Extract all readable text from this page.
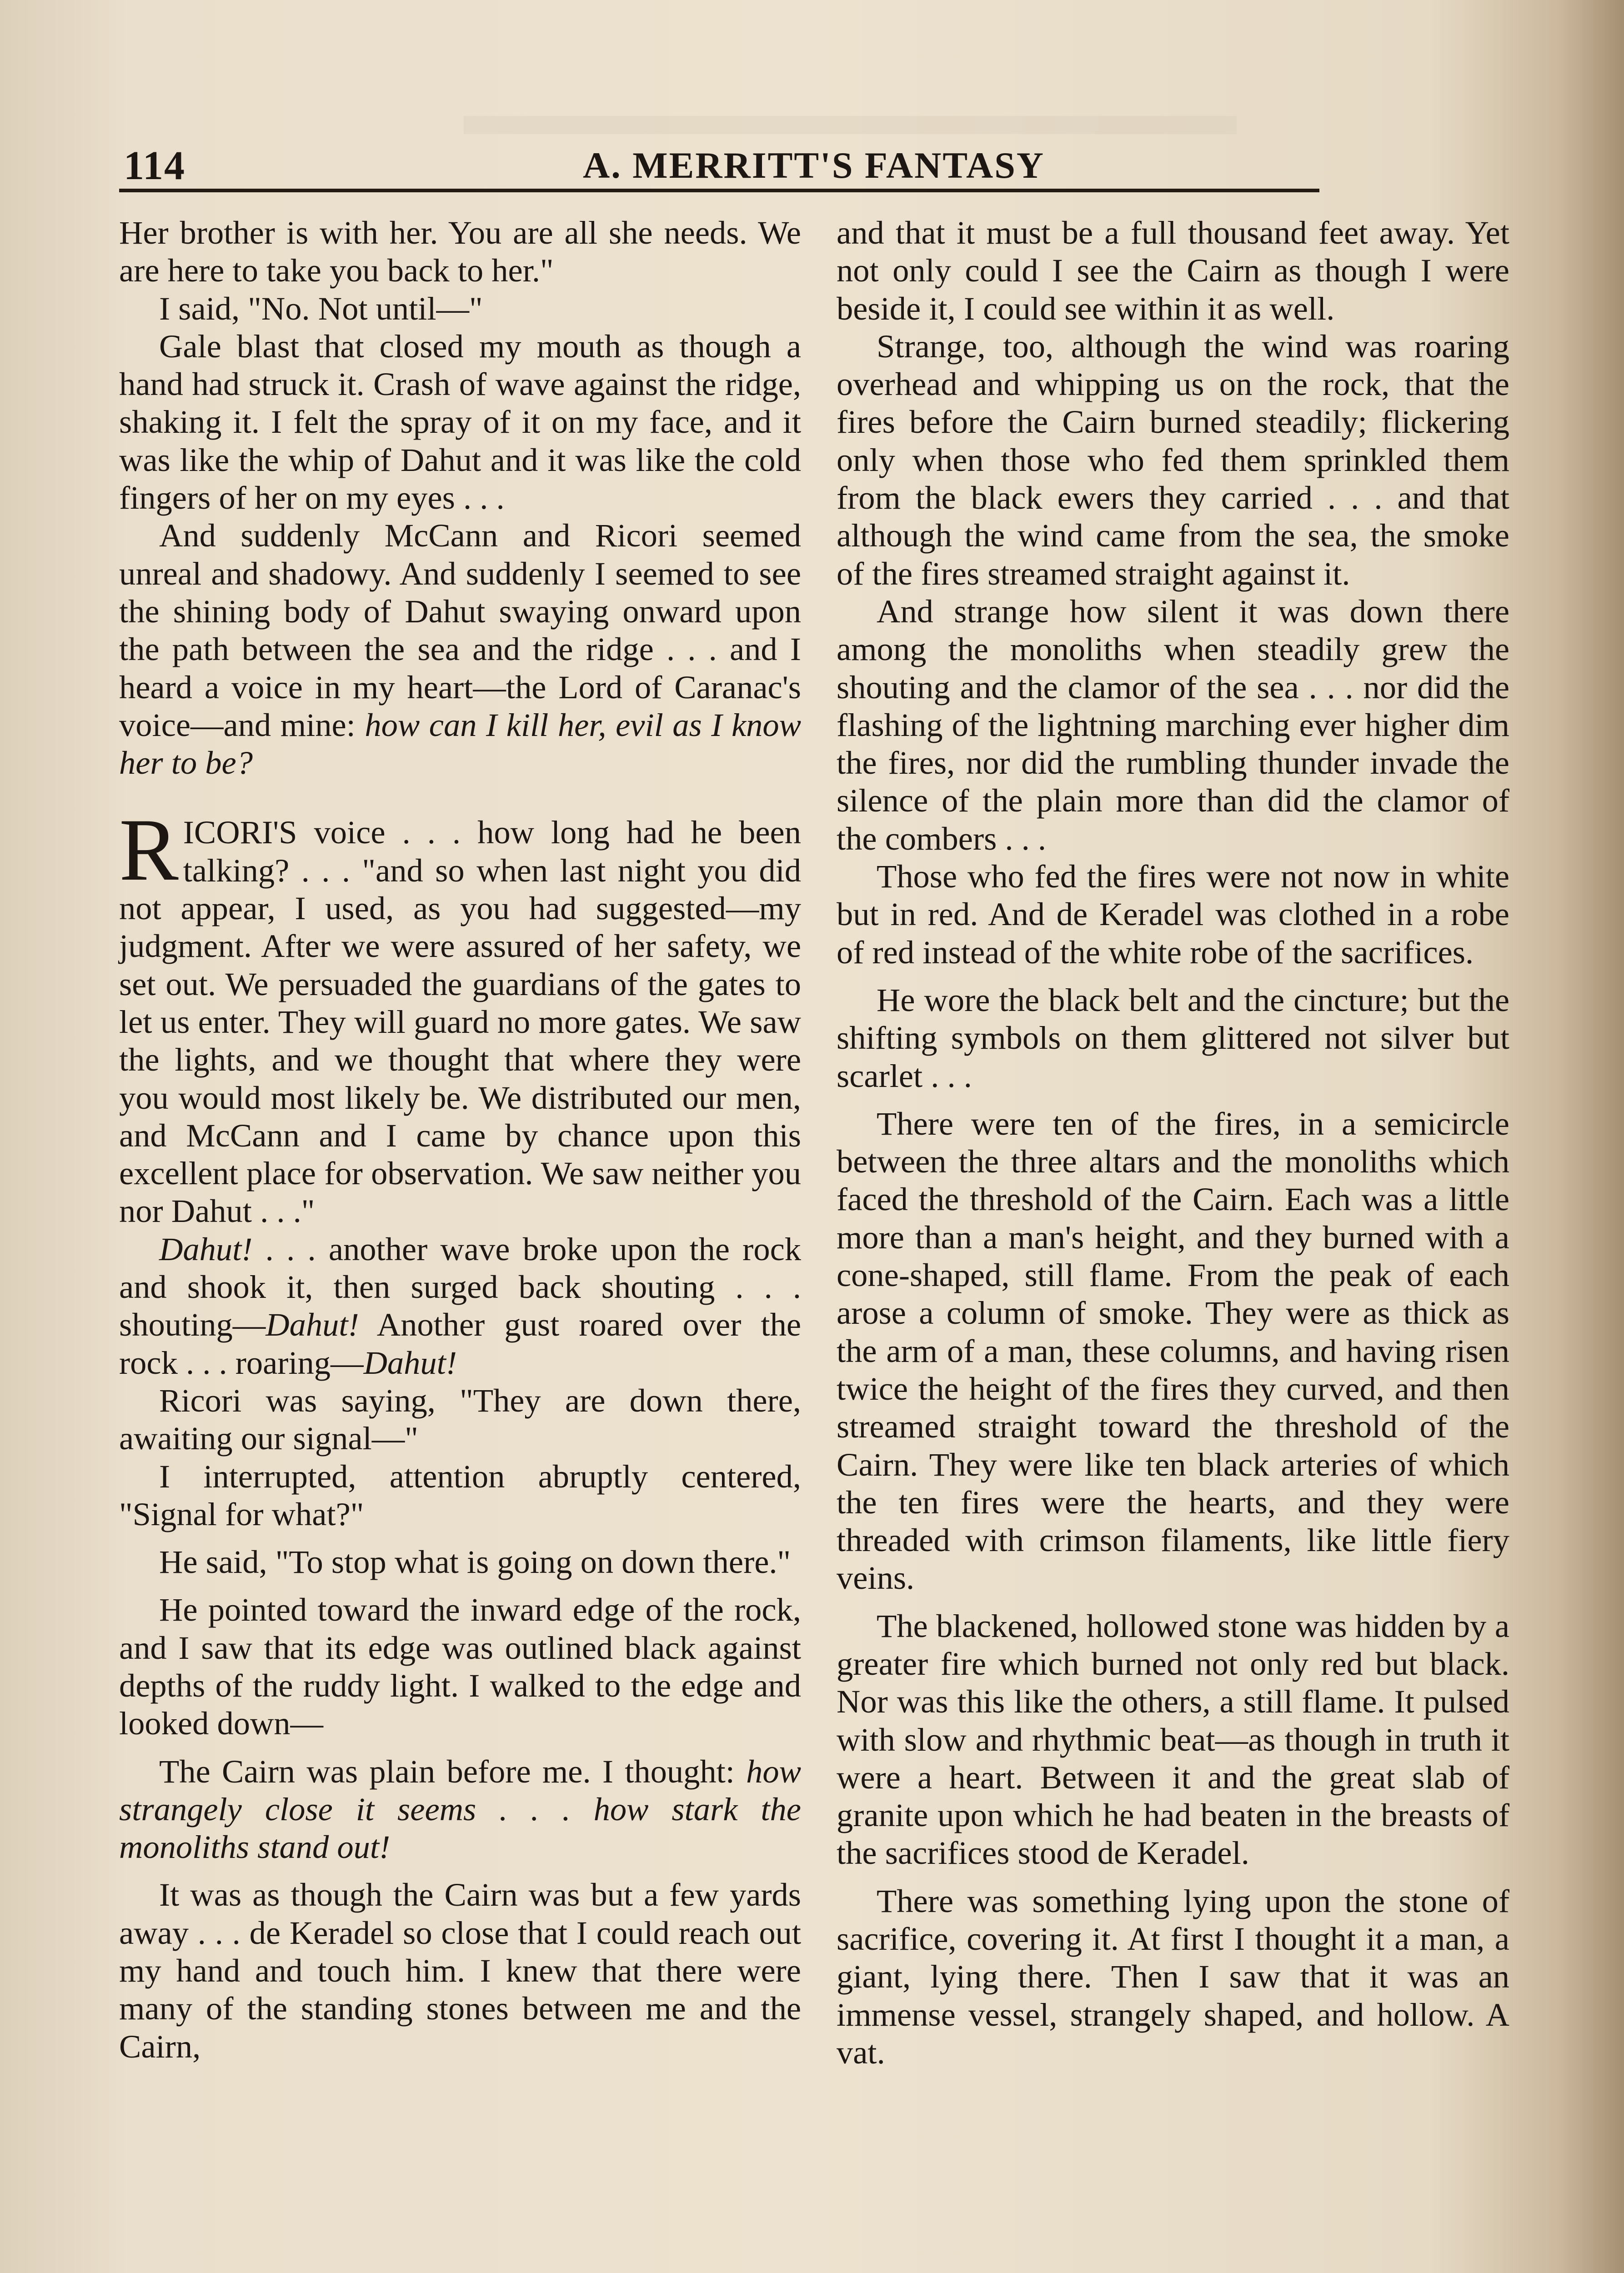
114	A. MERRITT'S FANTASY

Her brother is with her. You are all she needs. We are here to take you back to her."

I said, "No. Not until—"

Gale blast that closed my mouth as though a hand had struck it. Crash of wave against the ridge, shaking it. I felt the spray of it on my face, and it was like the whip of Dahut and it was like the cold fingers of her on my eyes . . .

And suddenly McCann and Ricori seemed unreal and shadowy. And suddenly I seemed to see the shining body of Dahut swaying onward upon the path between the sea and the ridge . . . and I heard a voice in my heart—the Lord of Caranac's voice—and mine: how can I kill her, evil as I know her to be?

RICORI'S voice . . . how long had he been talking? . . . "and so when last night you did not appear, I used, as you had suggested—my judgment. After we were assured of her safety, we set out. We persuaded the guardians of the gates to let us enter. They will guard no more gates. We saw the lights, and we thought that where they were you would most likely be. We distributed our men, and McCann and I came by chance upon this excellent place for observation. We saw neither you nor Dahut . . ."

Dahut! . . . another wave broke upon the rock and shook it, then surged back shouting . . . shouting—Dahut! Another gust roared over the rock . . . roaring—Dahut!

Ricori was saying, "They are down there, awaiting our signal—"

I interrupted, attention abruptly centered, "Signal for what?"

He said, "To stop what is going on down there."

He pointed toward the inward edge of the rock, and I saw that its edge was outlined black against depths of the ruddy light. I walked to the edge and looked down—

The Cairn was plain before me. I thought: how strangely close it seems . . . how stark the monoliths stand out!

It was as though the Cairn was but a few yards away . . . de Keradel so close that I could reach out my hand and touch him. I knew that there were many of the standing stones between me and the Cairn,

and that it must be a full thousand feet away. Yet not only could I see the Cairn as though I were beside it, I could see within it as well.

Strange, too, although the wind was roaring overhead and whipping us on the rock, that the fires before the Cairn burned steadily; flickering only when those who fed them sprinkled them from the black ewers they carried . . . and that although the wind came from the sea, the smoke of the fires streamed straight against it.

And strange how silent it was down there among the monoliths when steadily grew the shouting and the clamor of the sea . . . nor did the flashing of the lightning marching ever higher dim the fires, nor did the rumbling thunder invade the silence of the plain more than did the clamor of the combers . . .

Those who fed the fires were not now in white but in red. And de Keradel was clothed in a robe of red instead of the white robe of the sacrifices.

He wore the black belt and the cincture; but the shifting symbols on them glittered not silver but scarlet . . .

There were ten of the fires, in a semicircle between the three altars and the monoliths which faced the threshold of the Cairn. Each was a little more than a man's height, and they burned with a cone-shaped, still flame. From the peak of each arose a column of smoke. They were as thick as the arm of a man, these columns, and having risen twice the height of the fires they curved, and then streamed straight toward the threshold of the Cairn. They were like ten black arteries of which the ten fires were the hearts, and they were threaded with crimson filaments, like little fiery veins.

The blackened, hollowed stone was hidden by a greater fire which burned not only red but black. Nor was this like the others, a still flame. It pulsed with slow and rhythmic beat—as though in truth it were a heart. Between it and the great slab of granite upon which he had beaten in the breasts of the sacrifices stood de Keradel.

There was something lying upon the stone of sacrifice, covering it. At first I thought it a man, a giant, lying there. Then I saw that it was an immense vessel, strangely shaped, and hollow. A vat.
